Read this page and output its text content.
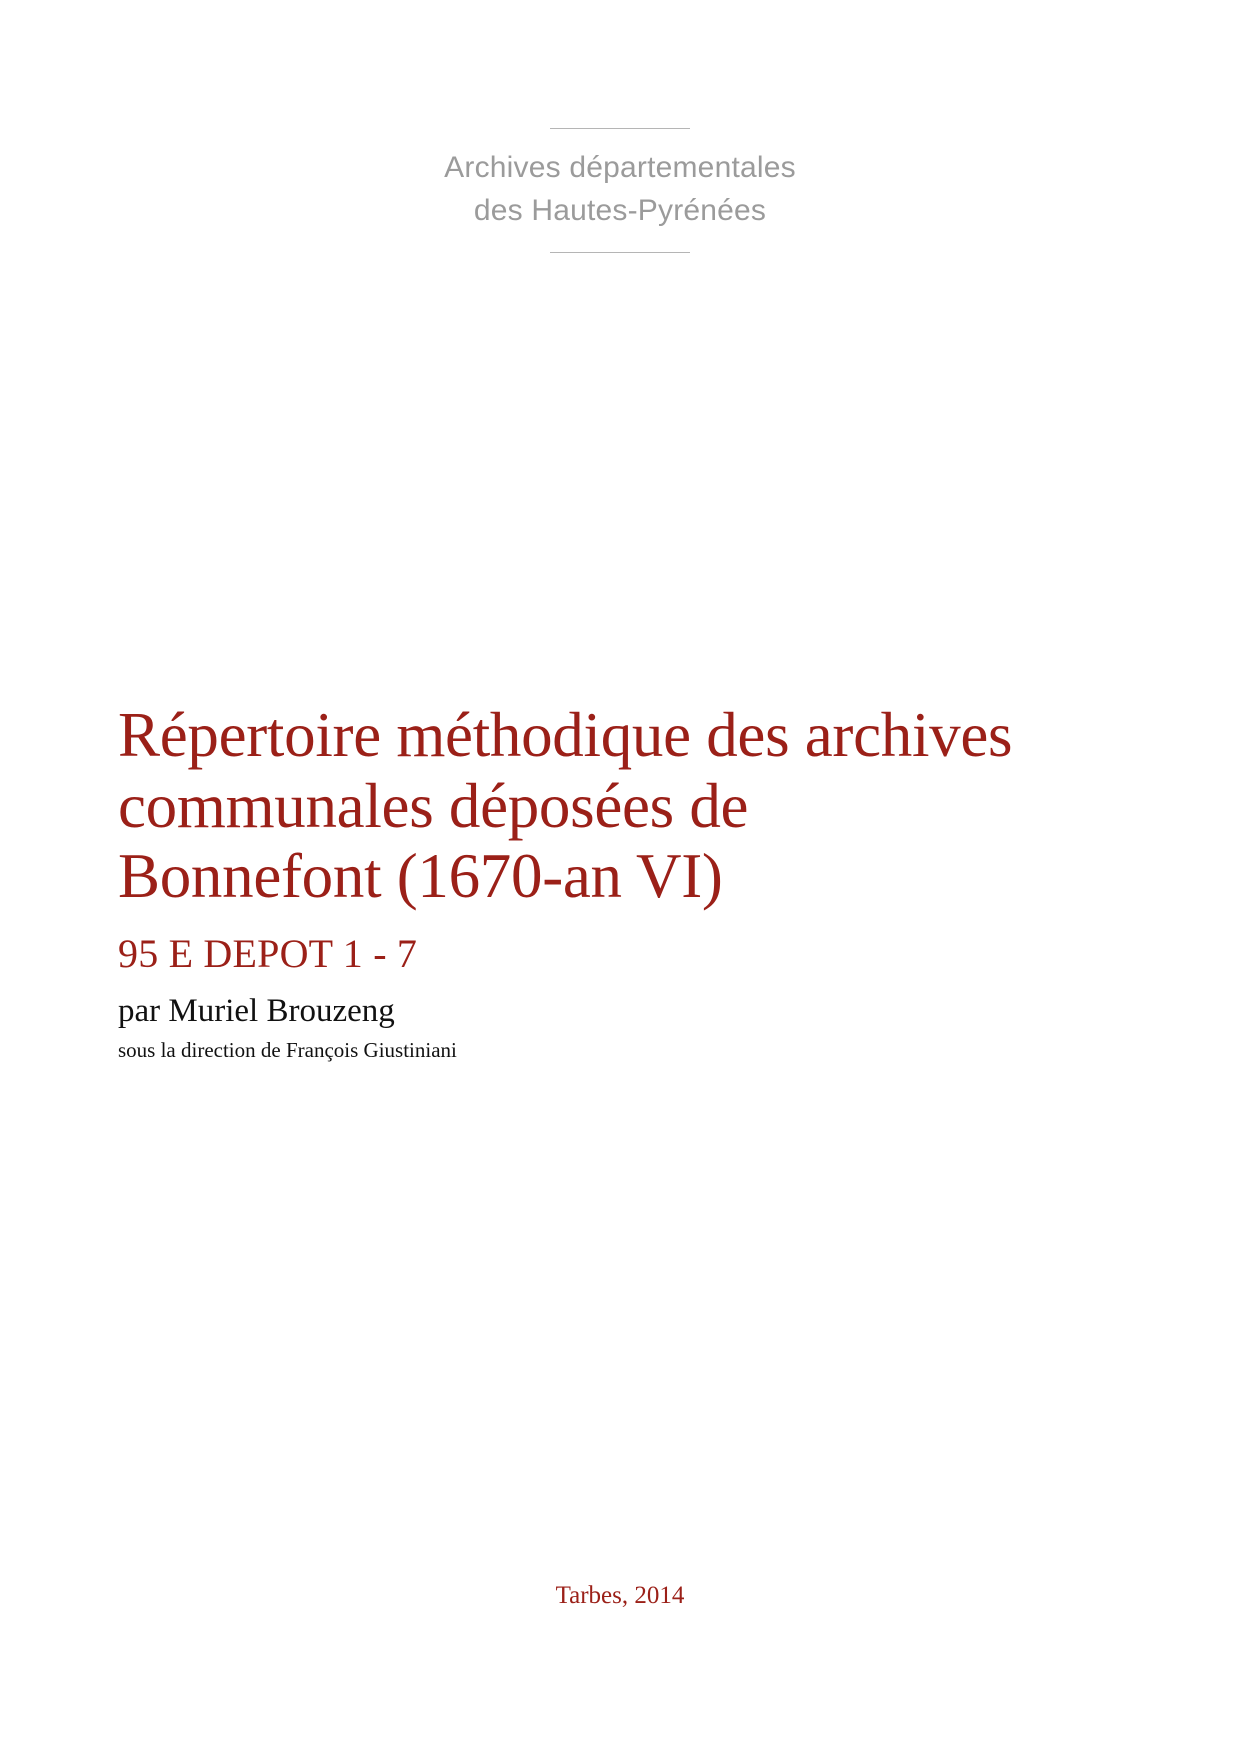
Archives départementales
des Hautes-Pyrénées
Répertoire méthodique des archives communales déposées de Bonnefont (1670-an VI)
95 E DEPOT 1 - 7
par Muriel Brouzeng
sous la direction de François Giustiniani
Tarbes, 2014
